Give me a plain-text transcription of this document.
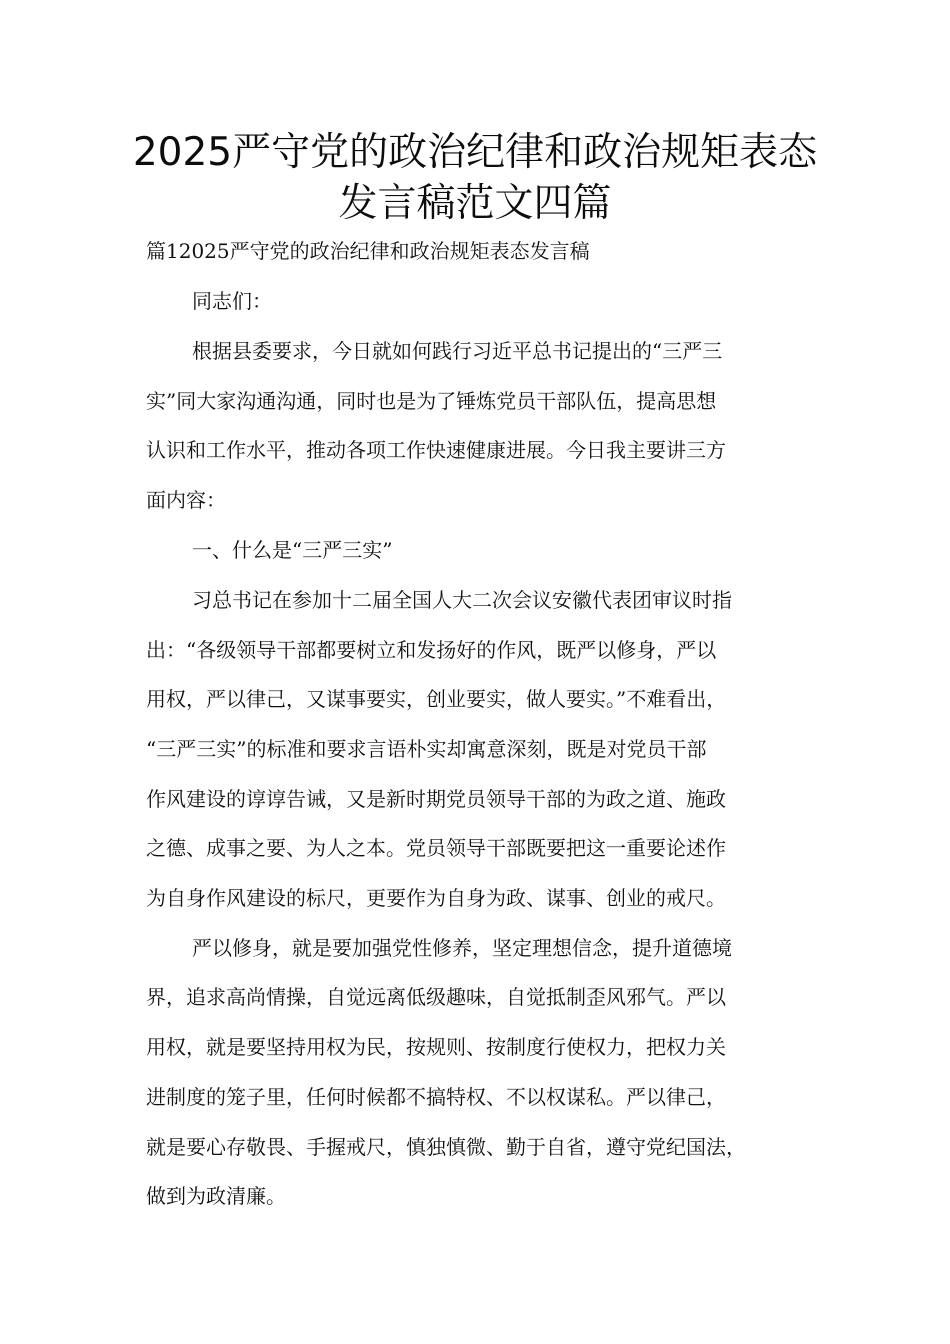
2025严守党的政治纪律和政治规矩表态
发言稿范文四篇
篇12025严守党的政治纪律和政治规矩表态发言稿
同志们：
根据县委要求，今日就如何践行习近平总书记提出的“三严三
实”同大家沟通沟通，同时也是为了锤炼党员干部队伍，提高思想
认识和工作水平，推动各项工作快速健康进展。今日我主要讲三方
面内容：
一、什么是“三严三实”
习总书记在参加十二届全国人大二次会议安徽代表团审议时指
出：“各级领导干部都要树立和发扬好的作风，既严以修身，严以
用权，严以律己，又谋事要实，创业要实，做人要实。”不难看出，
“三严三实”的标准和要求言语朴实却寓意深刻，既是对党员干部
作风建设的谆谆告诫，又是新时期党员领导干部的为政之道、施政
之德、成事之要、为人之本。党员领导干部既要把这一重要论述作
为自身作风建设的标尺，更要作为自身为政、谋事、创业的戒尺。
严以修身，就是要加强党性修养，坚定理想信念，提升道德境
界，追求高尚情操，自觉远离低级趣味，自觉抵制歪风邪气。严以
用权，就是要坚持用权为民，按规则、按制度行使权力，把权力关
进制度的笼子里，任何时候都不搞特权、不以权谋私。严以律己，
就是要心存敬畏、手握戒尺，慎独慎微、勤于自省，遵守党纪国法，
做到为政清廉。
